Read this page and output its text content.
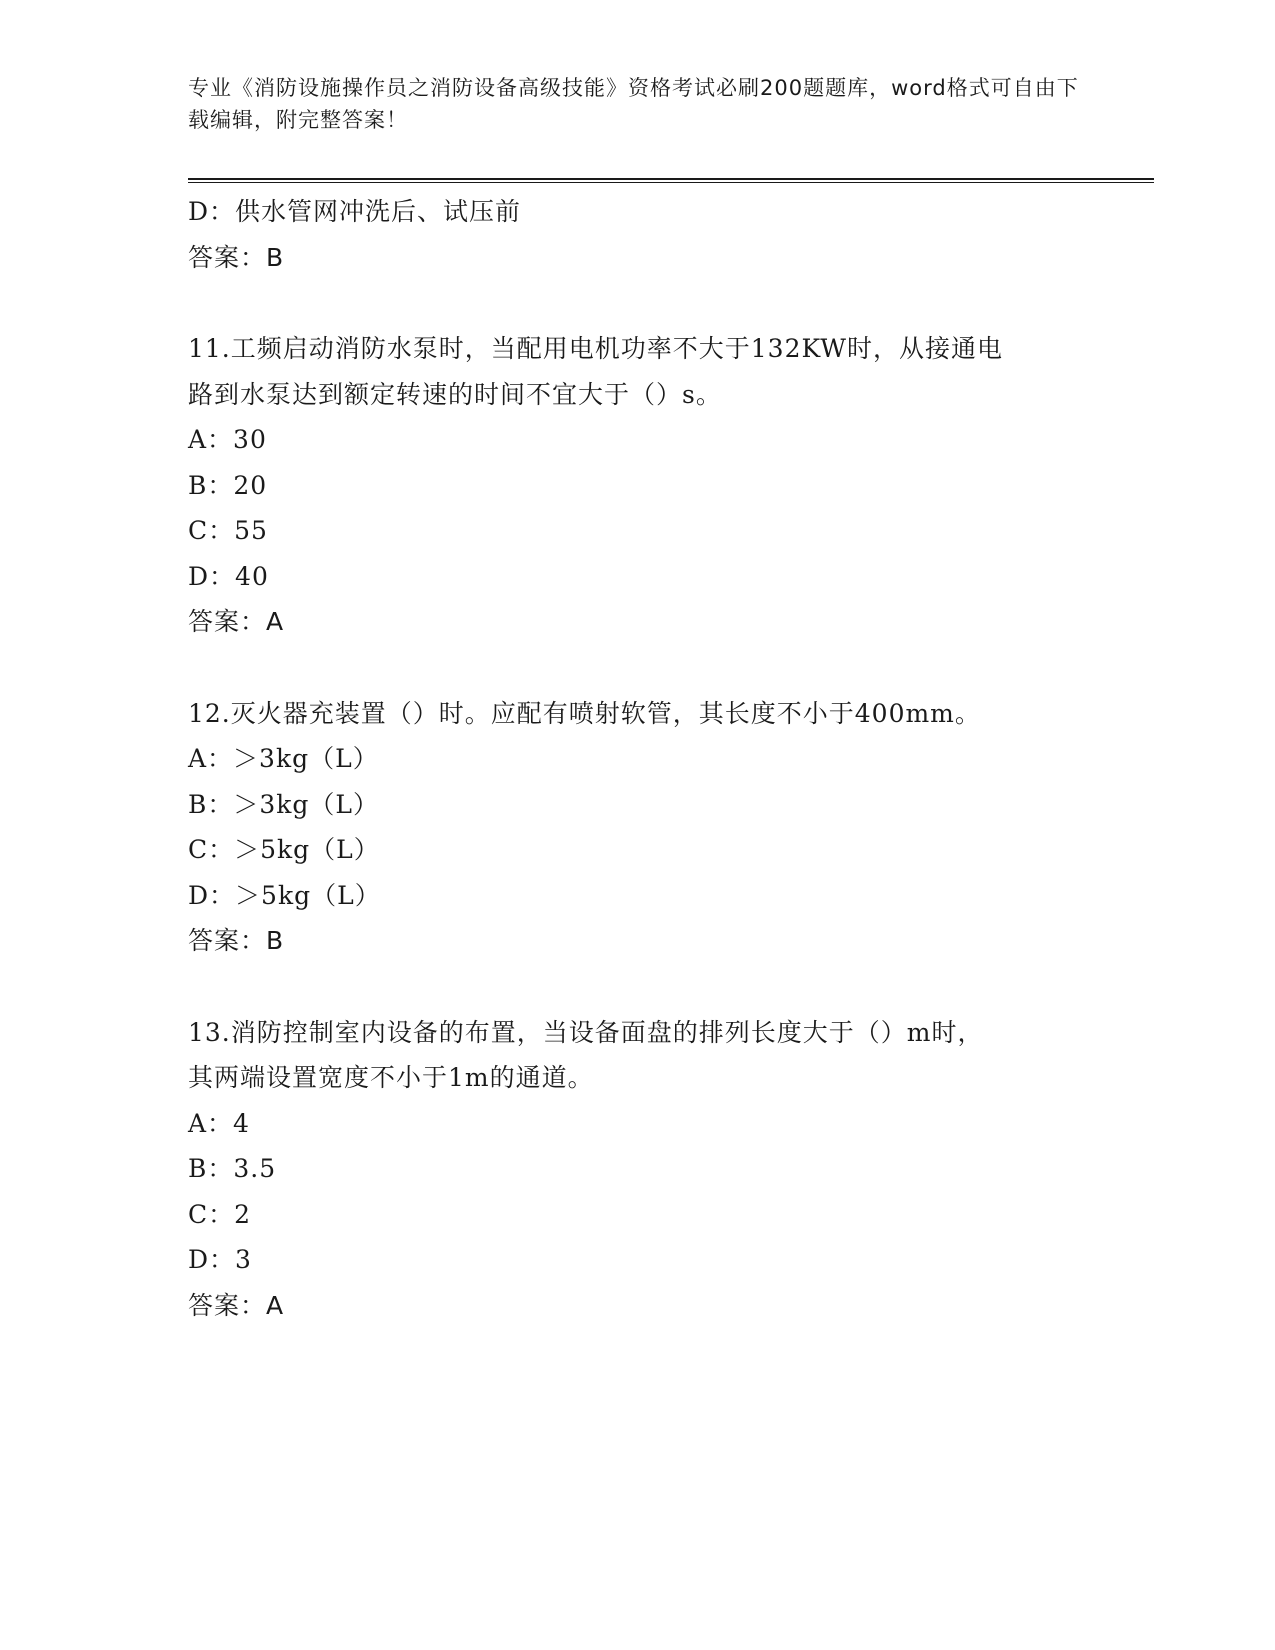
专业《消防设施操作员之消防设备高级技能》资格考试必刷200题题库，word格式可自由下载编辑，附完整答案！
D：供水管网冲洗后、试压前
答案：B
11.工频启动消防水泵时，当配用电机功率不大于132KW时，从接通电
路到水泵达到额定转速的时间不宜大于（）s。
A：30
B：20
C：55
D：40
答案：A
12.灭火器充装置（）时。应配有喷射软管，其长度不小于400mm。
A：＞3kg（L）
B：＞3kg（L）
C：＞5kg（L）
D：＞5kg（L）
答案：B
13.消防控制室内设备的布置，当设备面盘的排列长度大于（）m时，
其两端设置宽度不小于1m的通道。
A：4
B：3.5
C：2
D：3
答案：A
